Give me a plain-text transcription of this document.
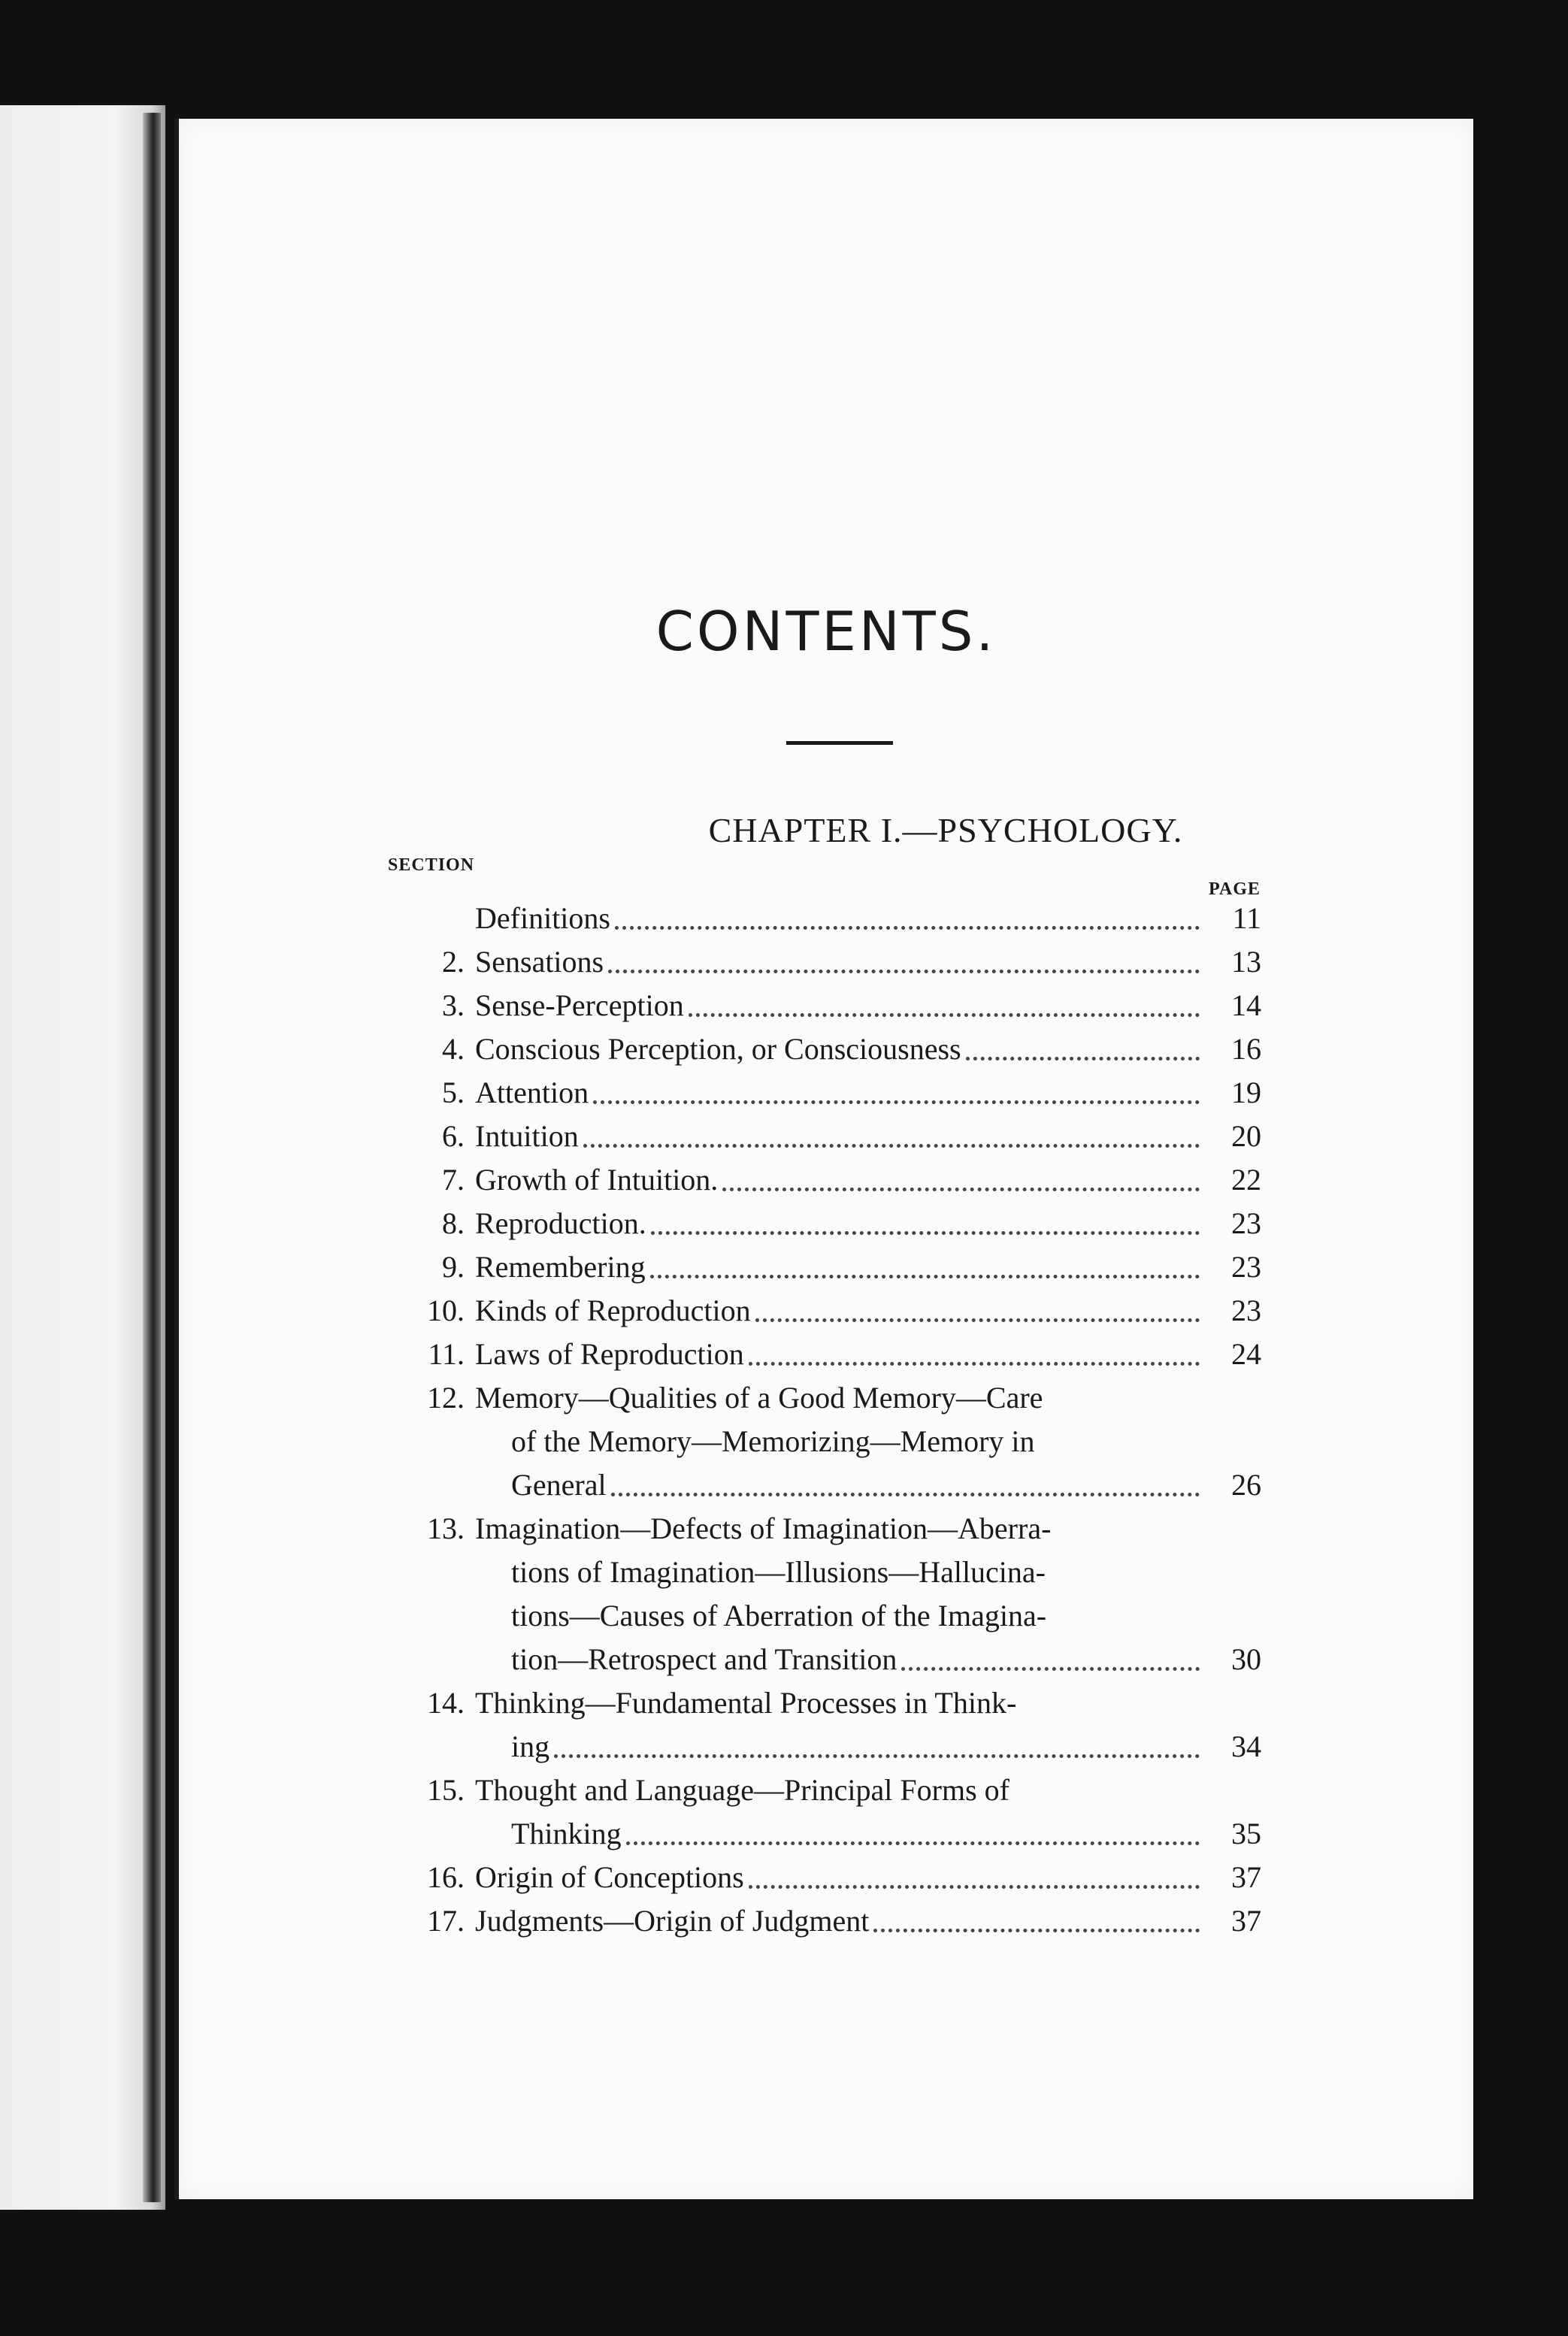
CONTENTS.
CHAPTER I.—PSYCHOLOGY.
SECTION
PAGE
Definitions	11
2. Sensations	13
3. Sense-Perception	14
4. Conscious Perception, or Consciousness	16
5. Attention	19
6. Intuition	20
7. Growth of Intuition.	22
8. Reproduction.	23
9. Remembering	23
10. Kinds of Reproduction	23
11. Laws of Reproduction	24
12. Memory—Qualities of a Good Memory—Care
of the Memory—Memorizing—Memory in
General	26
13. Imagination—Defects of Imagination—Aberra-
tions of Imagination—Illusions—Hallucina-
tions—Causes of Aberration of the Imagina-
tion—Retrospect and Transition	30
14. Thinking—Fundamental Processes in Think-
ing	34
15. Thought and Language—Principal Forms of
Thinking	35
16. Origin of Conceptions	37
17. Judgments—Origin of Judgment	37
